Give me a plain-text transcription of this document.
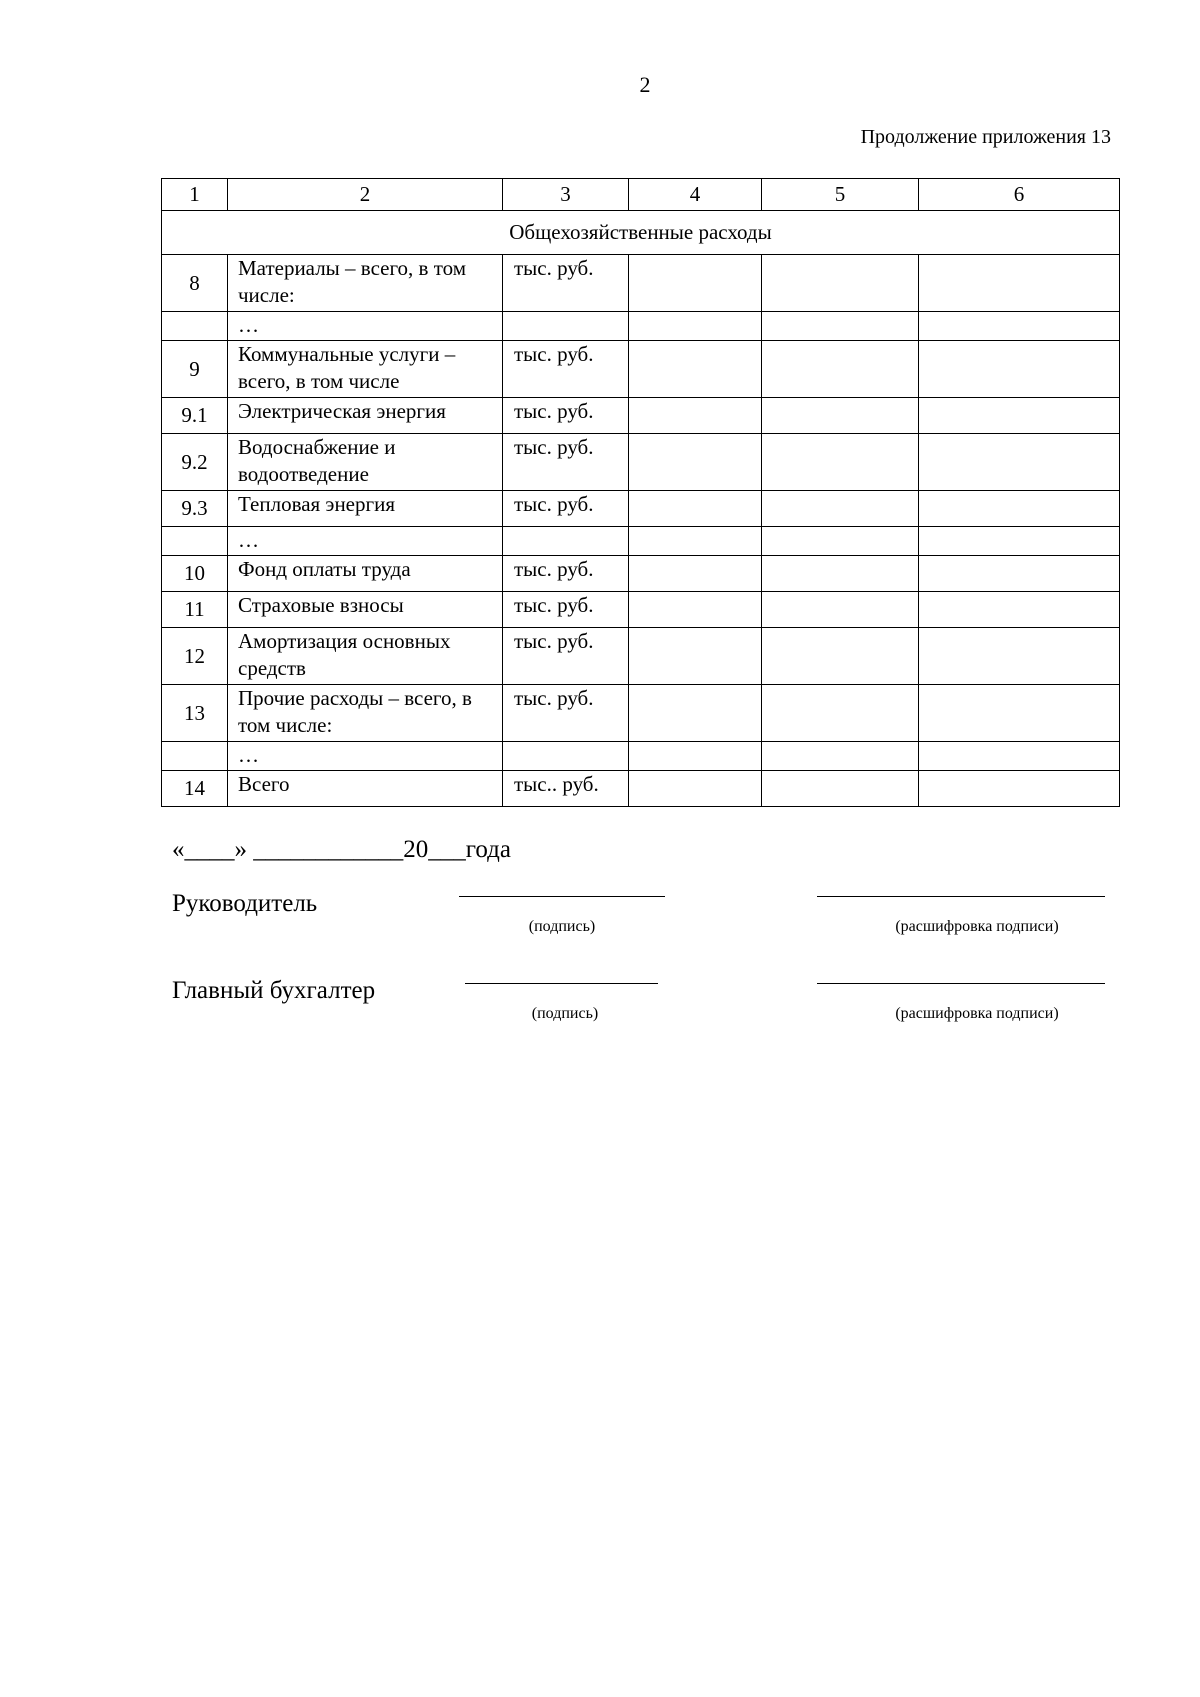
2
Продолжение приложения 13
1	2	3	4	5	6
Общехозяйственные расходы					
8	Материалы – всего, в том числе:	тыс. руб.			
	…				
9	Коммунальные услуги – всего, в том числе	тыс. руб.			
9.1	Электрическая энергия	тыс. руб.			
9.2	Водоснабжение и водоотведение	тыс. руб.			
9.3	Тепловая энергия	тыс. руб.			
	…				
10	Фонд оплаты труда	тыс. руб.			
11	Страховые взносы	тыс. руб.			
12	Амортизация основных средств	тыс. руб.			
13	Прочие расходы – всего, в том числе:	тыс. руб.			
	…				
14	Всего	тыс.. руб.			
«____» ____________20___года
Руководитель
(подпись)	(расшифровка подписи)
Главный бухгалтер
(подпись)	(расшифровка подписи)
